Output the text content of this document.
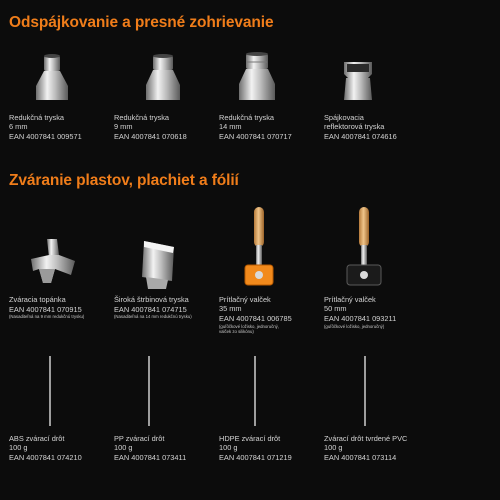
Odspájkovanie a presné zohrievanie
Redukčná tryska
6 mm
EAN 4007841 009571
Redukčná tryska
9 mm
EAN 4007841 070618
Redukčná tryska
14 mm
EAN 4007841 070717
Spájkovacia
reflektorová tryska
EAN 4007841 074616
Zváranie plastov, plachiet a fólií
Zváracia topánka
EAN 4007841 070915
(Nasaditeľná na 9 mm redukčnú trysku)
Široká štrbinová tryska
EAN 4007841 074715
(Nasaditeľná na 14 mm redukčnú trysku)
Prítlačný valček
35 mm
EAN 4007841 006785
(guľôčkové ložisko, jednoručný,
valček zo silikónu)
Prítlačný valček
50 mm
EAN 4007841 093211
(guľôčkové ložisko, jednoručný)
ABS zvárací drôt
100 g
EAN 4007841 074210
PP zvárací drôt
100 g
EAN 4007841 073411
HDPE zvárací drôt
100 g
EAN 4007841 071219
Zvárací drôt tvrdené PVC
100 g
EAN 4007841 073114
